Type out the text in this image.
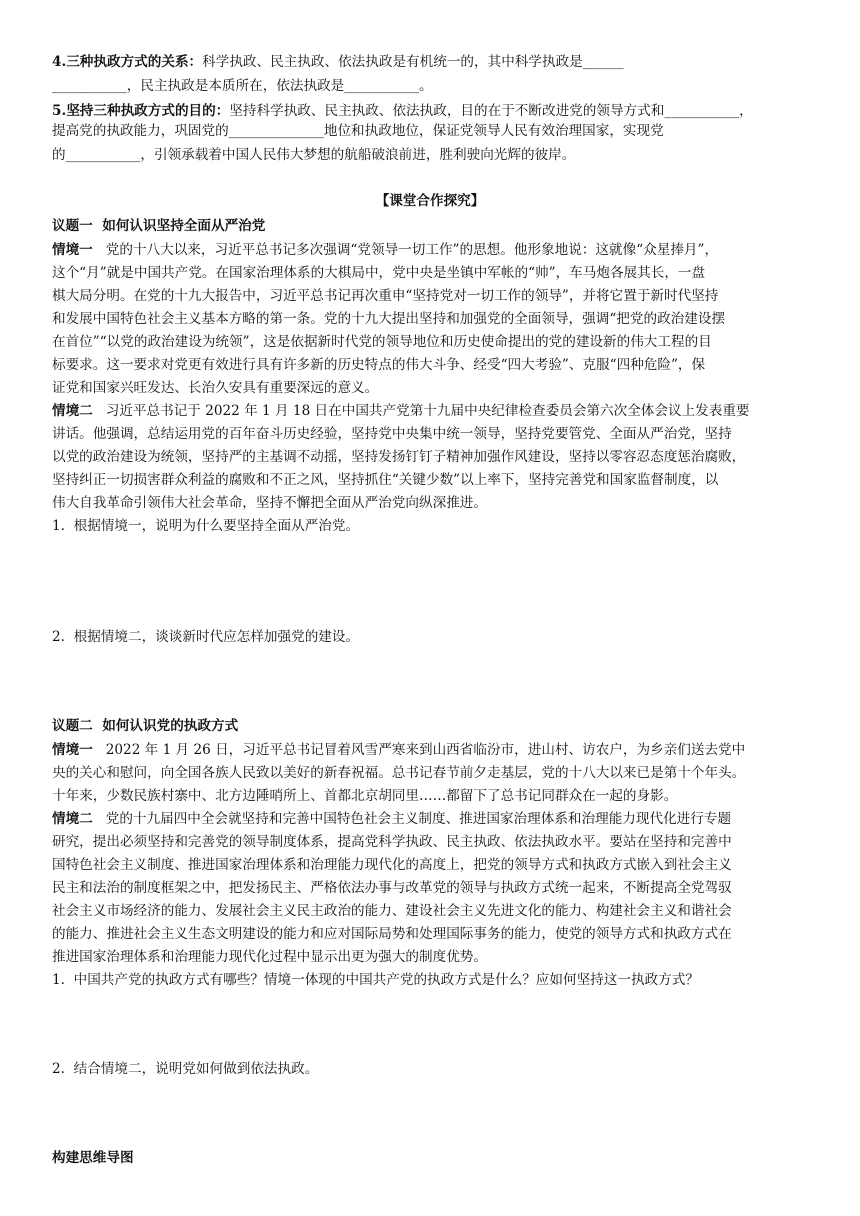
4.三种执政方式的关系：科学执政、民主执政、依法执政是有机统一的，其中科学执政是______
___________，民主执政是本质所在，依法执政是___________。
5.坚持三种执政方式的目的：坚持科学执政、民主执政、依法执政，目的在于不断改进党的领导方式和___________，
提高党的执政能力，巩固党的______________地位和执政地位，保证党领导人民有效治理国家，实现党
的___________，引领承载着中国人民伟大梦想的航船破浪前进，胜利驶向光辉的彼岸。
【课堂合作探究】
议题一  如何认识坚持全面从严治党
情境一   党的十八大以来，习近平总书记多次强调“党领导一切工作”的思想。他形象地说：这就像“众星捧月”，
这个“月”就是中国共产党。在国家治理体系的大棋局中，党中央是坐镇中军帐的“帅”，车马炮各展其长，一盘
棋大局分明。在党的十九大报告中，习近平总书记再次重申“坚持党对一切工作的领导”，并将它置于新时代坚持
和发展中国特色社会主义基本方略的第一条。党的十九大提出坚持和加强党的全面领导，强调“把党的政治建设摆
在首位”“以党的政治建设为统领”，这是依据新时代党的领导地位和历史使命提出的党的建设新的伟大工程的目
标要求。这一要求对党更有效进行具有许多新的历史特点的伟大斗争、经受“四大考验”、克服“四种危险”，保
证党和国家兴旺发达、长治久安具有重要深远的意义。
情境二   习近平总书记于 2022 年 1 月 18 日在中国共产党第十九届中央纪律检查委员会第六次全体会议上发表重要
讲话。他强调，总结运用党的百年奋斗历史经验，坚持党中央集中统一领导，坚持党要管党、全面从严治党，坚持
以党的政治建设为统领，坚持严的主基调不动摇，坚持发扬钉钉子精神加强作风建设，坚持以零容忍态度惩治腐败，
坚持纠正一切损害群众利益的腐败和不正之风，坚持抓住“关键少数”以上率下，坚持完善党和国家监督制度，以
伟大自我革命引领伟大社会革命，坚持不懈把全面从严治党向纵深推进。
1.  根据情境一，说明为什么要坚持全面从严治党。
2.  根据情境二，谈谈新时代应怎样加强党的建设。
议题二  如何认识党的执政方式
情境一   2022 年 1 月 26 日，习近平总书记冒着风雪严寒来到山西省临汾市，进山村、访农户，为乡亲们送去党中
央的关心和慰问，向全国各族人民致以美好的新春祝福。总书记春节前夕走基层，党的十八大以来已是第十个年头。
十年来，少数民族村寨中、北方边陲哨所上、首都北京胡同里……都留下了总书记同群众在一起的身影。
情境二   党的十九届四中全会就坚持和完善中国特色社会主义制度、推进国家治理体系和治理能力现代化进行专题
研究，提出必须坚持和完善党的领导制度体系，提高党科学执政、民主执政、依法执政水平。要站在坚持和完善中
国特色社会主义制度、推进国家治理体系和治理能力现代化的高度上，把党的领导方式和执政方式嵌入到社会主义
民主和法治的制度框架之中，把发扬民主、严格依法办事与改革党的领导与执政方式统一起来，不断提高全党驾驭
社会主义市场经济的能力、发展社会主义民主政治的能力、建设社会主义先进文化的能力、构建社会主义和谐社会
的能力、推进社会主义生态文明建设的能力和应对国际局势和处理国际事务的能力，使党的领导方式和执政方式在
推进国家治理体系和治理能力现代化过程中显示出更为强大的制度优势。
1.  中国共产党的执政方式有哪些？情境一体现的中国共产党的执政方式是什么？应如何坚持这一执政方式？
2.  结合情境二，说明党如何做到依法执政。
构建思维导图
